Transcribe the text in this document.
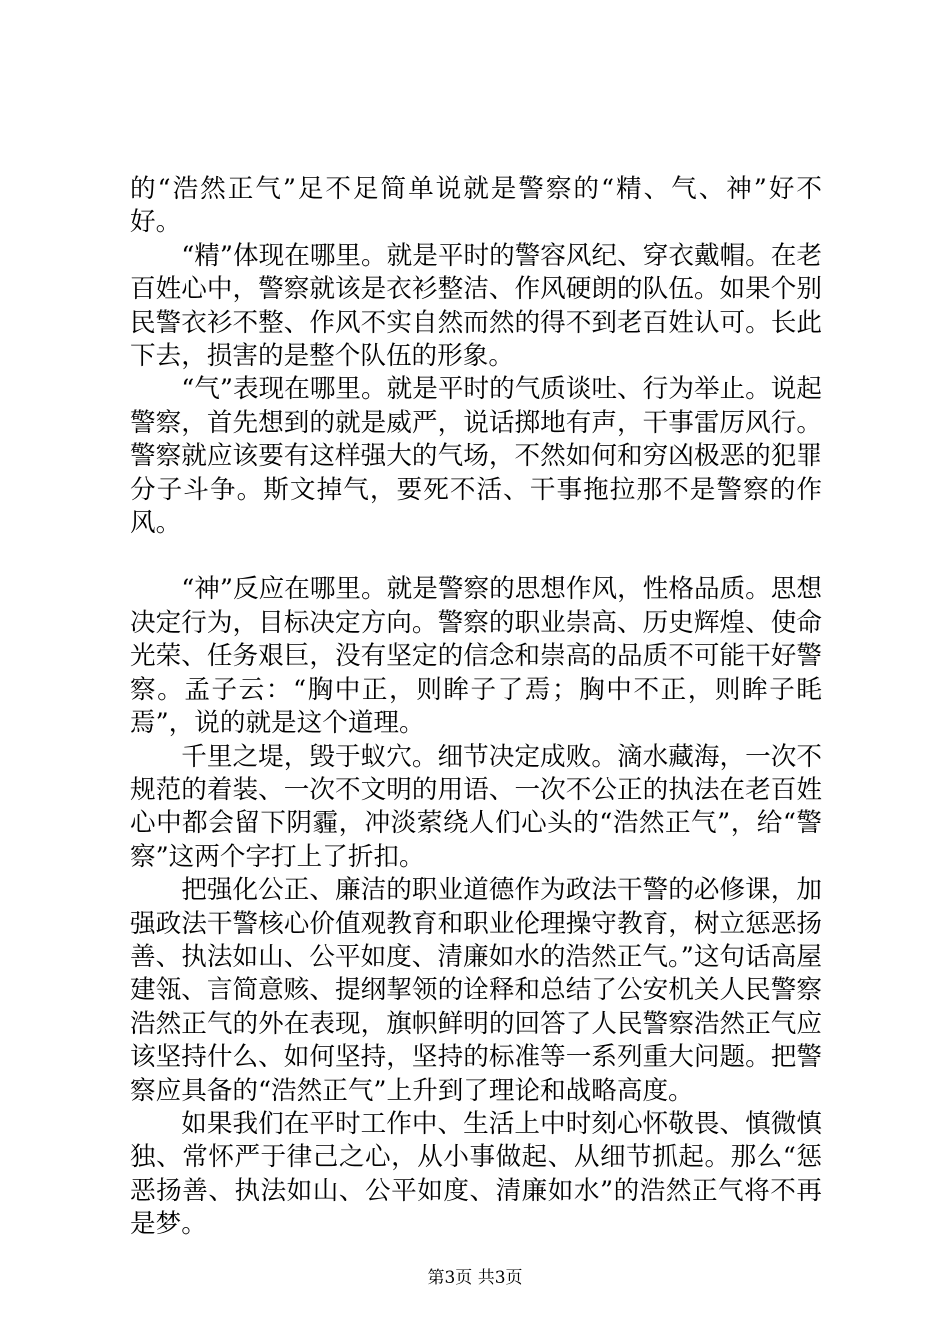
的“浩然正气”足不足简单说就是警察的“精、气、神”好不好。

“精”体现在哪里。就是平时的警容风纪、穿衣戴帽。在老百姓心中，警察就该是衣衫整洁、作风硬朗的队伍。如果个别民警衣衫不整、作风不实自然而然的得不到老百姓认可。长此下去，损害的是整个队伍的形象。

“气”表现在哪里。就是平时的气质谈吐、行为举止。说起警察，首先想到的就是威严，说话掷地有声，干事雷厉风行。警察就应该要有这样强大的气场，不然如何和穷凶极恶的犯罪分子斗争。斯文掉气，要死不活、干事拖拉那不是警察的作风。

“神”反应在哪里。就是警察的思想作风，性格品质。思想决定行为，目标决定方向。警察的职业崇高、历史辉煌、使命光荣、任务艰巨，没有坚定的信念和崇高的品质不可能干好警察。孟子云：“胸中正，则眸子了焉；胸中不正，则眸子眊焉”，说的就是这个道理。

千里之堤，毁于蚁穴。细节决定成败。滴水藏海，一次不规范的着装、一次不文明的用语、一次不公正的执法在老百姓心中都会留下阴霾，冲淡萦绕人们心头的“浩然正气”，给“警察”这两个字打上了折扣。

把强化公正、廉洁的职业道德作为政法干警的必修课，加强政法干警核心价值观教育和职业伦理操守教育，树立惩恶扬善、执法如山、公平如度、清廉如水的浩然正气。”这句话高屋建瓴、言简意赅、提纲挈领的诠释和总结了公安机关人民警察浩然正气的外在表现，旗帜鲜明的回答了人民警察浩然正气应该坚持什么、如何坚持，坚持的标准等一系列重大问题。把警察应具备的“浩然正气”上升到了理论和战略高度。

如果我们在平时工作中、生活上中时刻心怀敬畏、慎微慎独、常怀严于律己之心，从小事做起、从细节抓起。那么“惩恶扬善、执法如山、公平如度、清廉如水”的浩然正气将不再是梦。

第3页 共3页
